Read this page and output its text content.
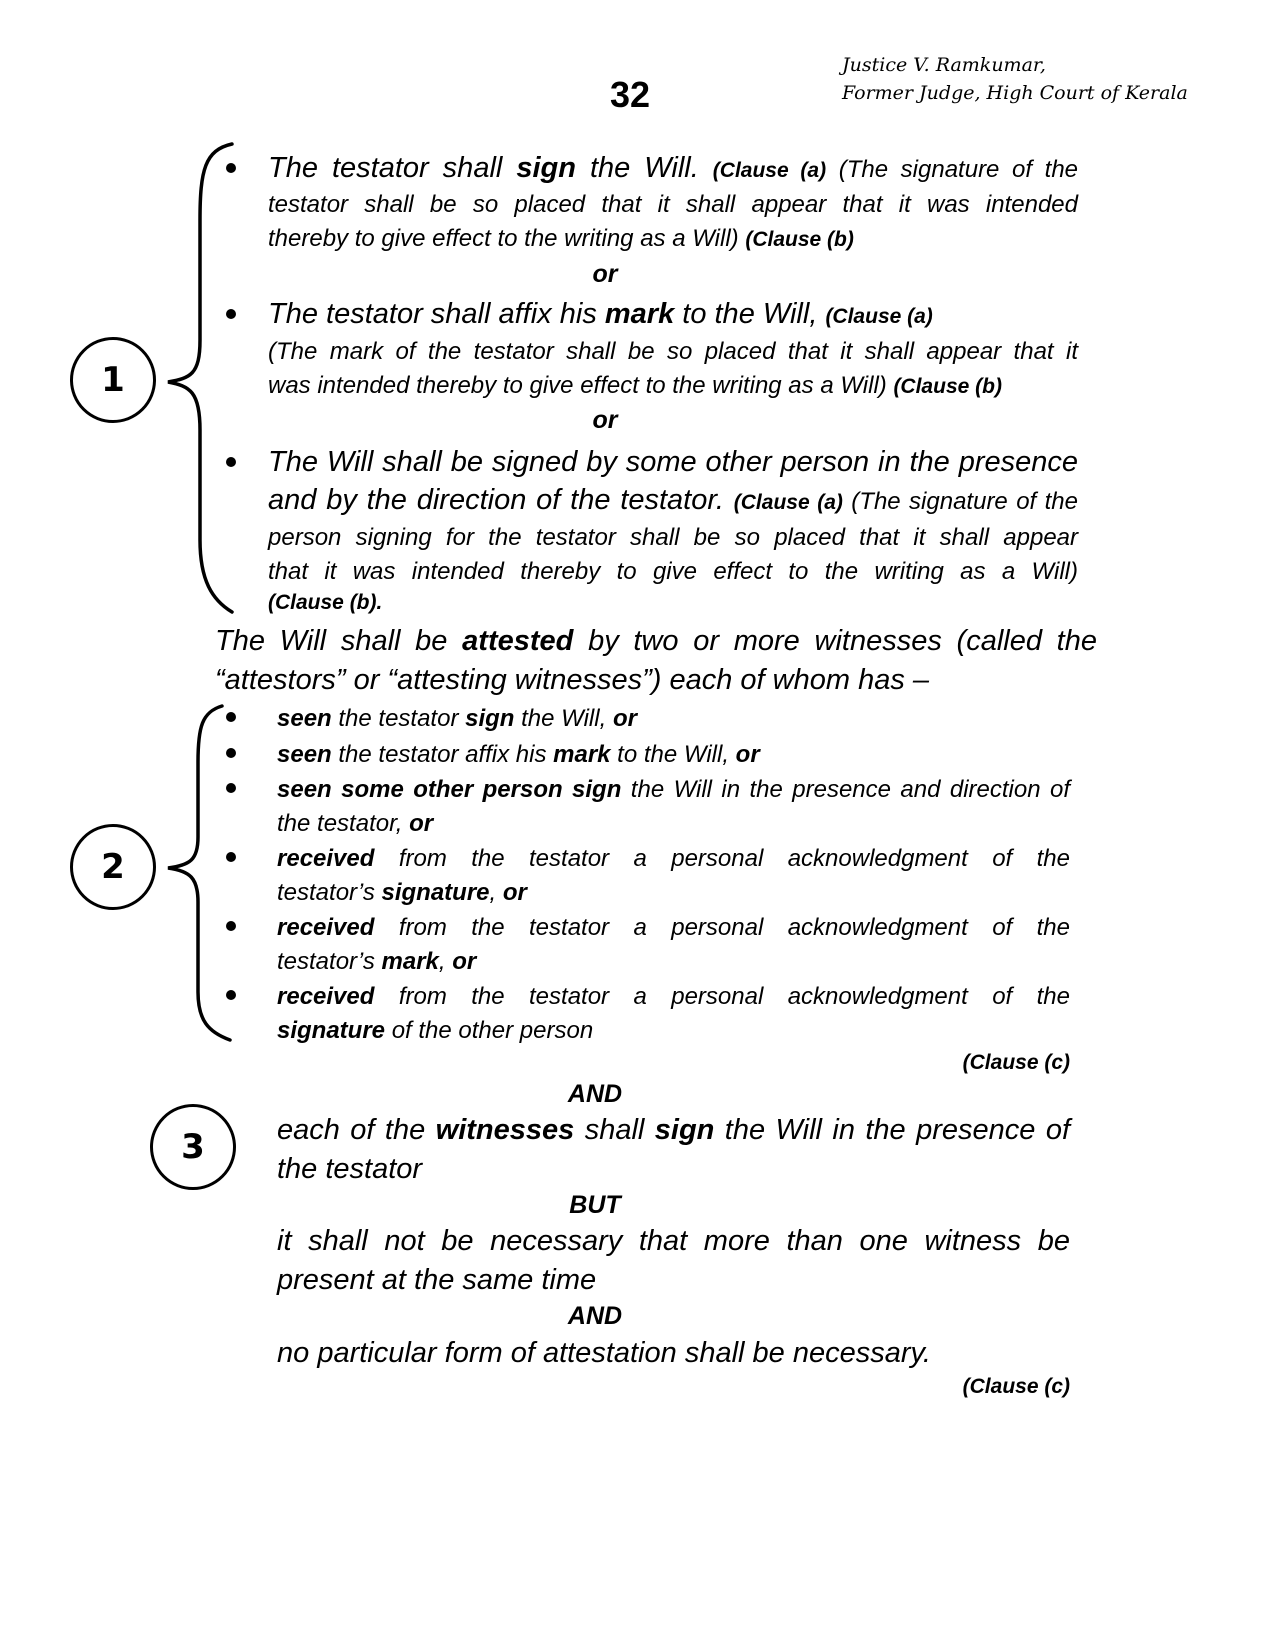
32
Justice V. Ramkumar,
Former Judge, High Court of Kerala
1
The testator shall sign the Will. (Clause (a) (The signature of the
testator shall be so placed that it shall appear that it was intended
thereby to give effect to the writing as a Will) (Clause (b)
or
The testator shall affix his mark to the Will, (Clause (a)
(The mark of the testator shall be so placed that it shall appear that it
was intended thereby to give effect to the writing as a Will) (Clause (b)
or
The Will shall be signed by some other person in the presence
and by the direction of the testator. (Clause (a) (The signature of the
person signing for the testator shall be so placed that it shall appear
that it was intended thereby to give effect to the writing as a Will)
(Clause (b).
The Will shall be attested by two or more witnesses (called the
“attestors” or “attesting witnesses”) each of whom has –
2
seen the testator sign the Will, or
seen the testator affix his mark to the Will, or
seen some other person sign the Will in the presence and direction of
the testator, or
received from the testator a personal acknowledgment of the
testator’s signature, or
received from the testator a personal acknowledgment of the
testator’s mark, or
received from the testator a personal acknowledgment of the
signature of the other person
(Clause (c)
AND
3 each of the witnesses shall sign the Will in the presence of
the testator
BUT
it shall not be necessary that more than one witness be
present at the same time
AND
no particular form of attestation shall be necessary.
(Clause (c)
